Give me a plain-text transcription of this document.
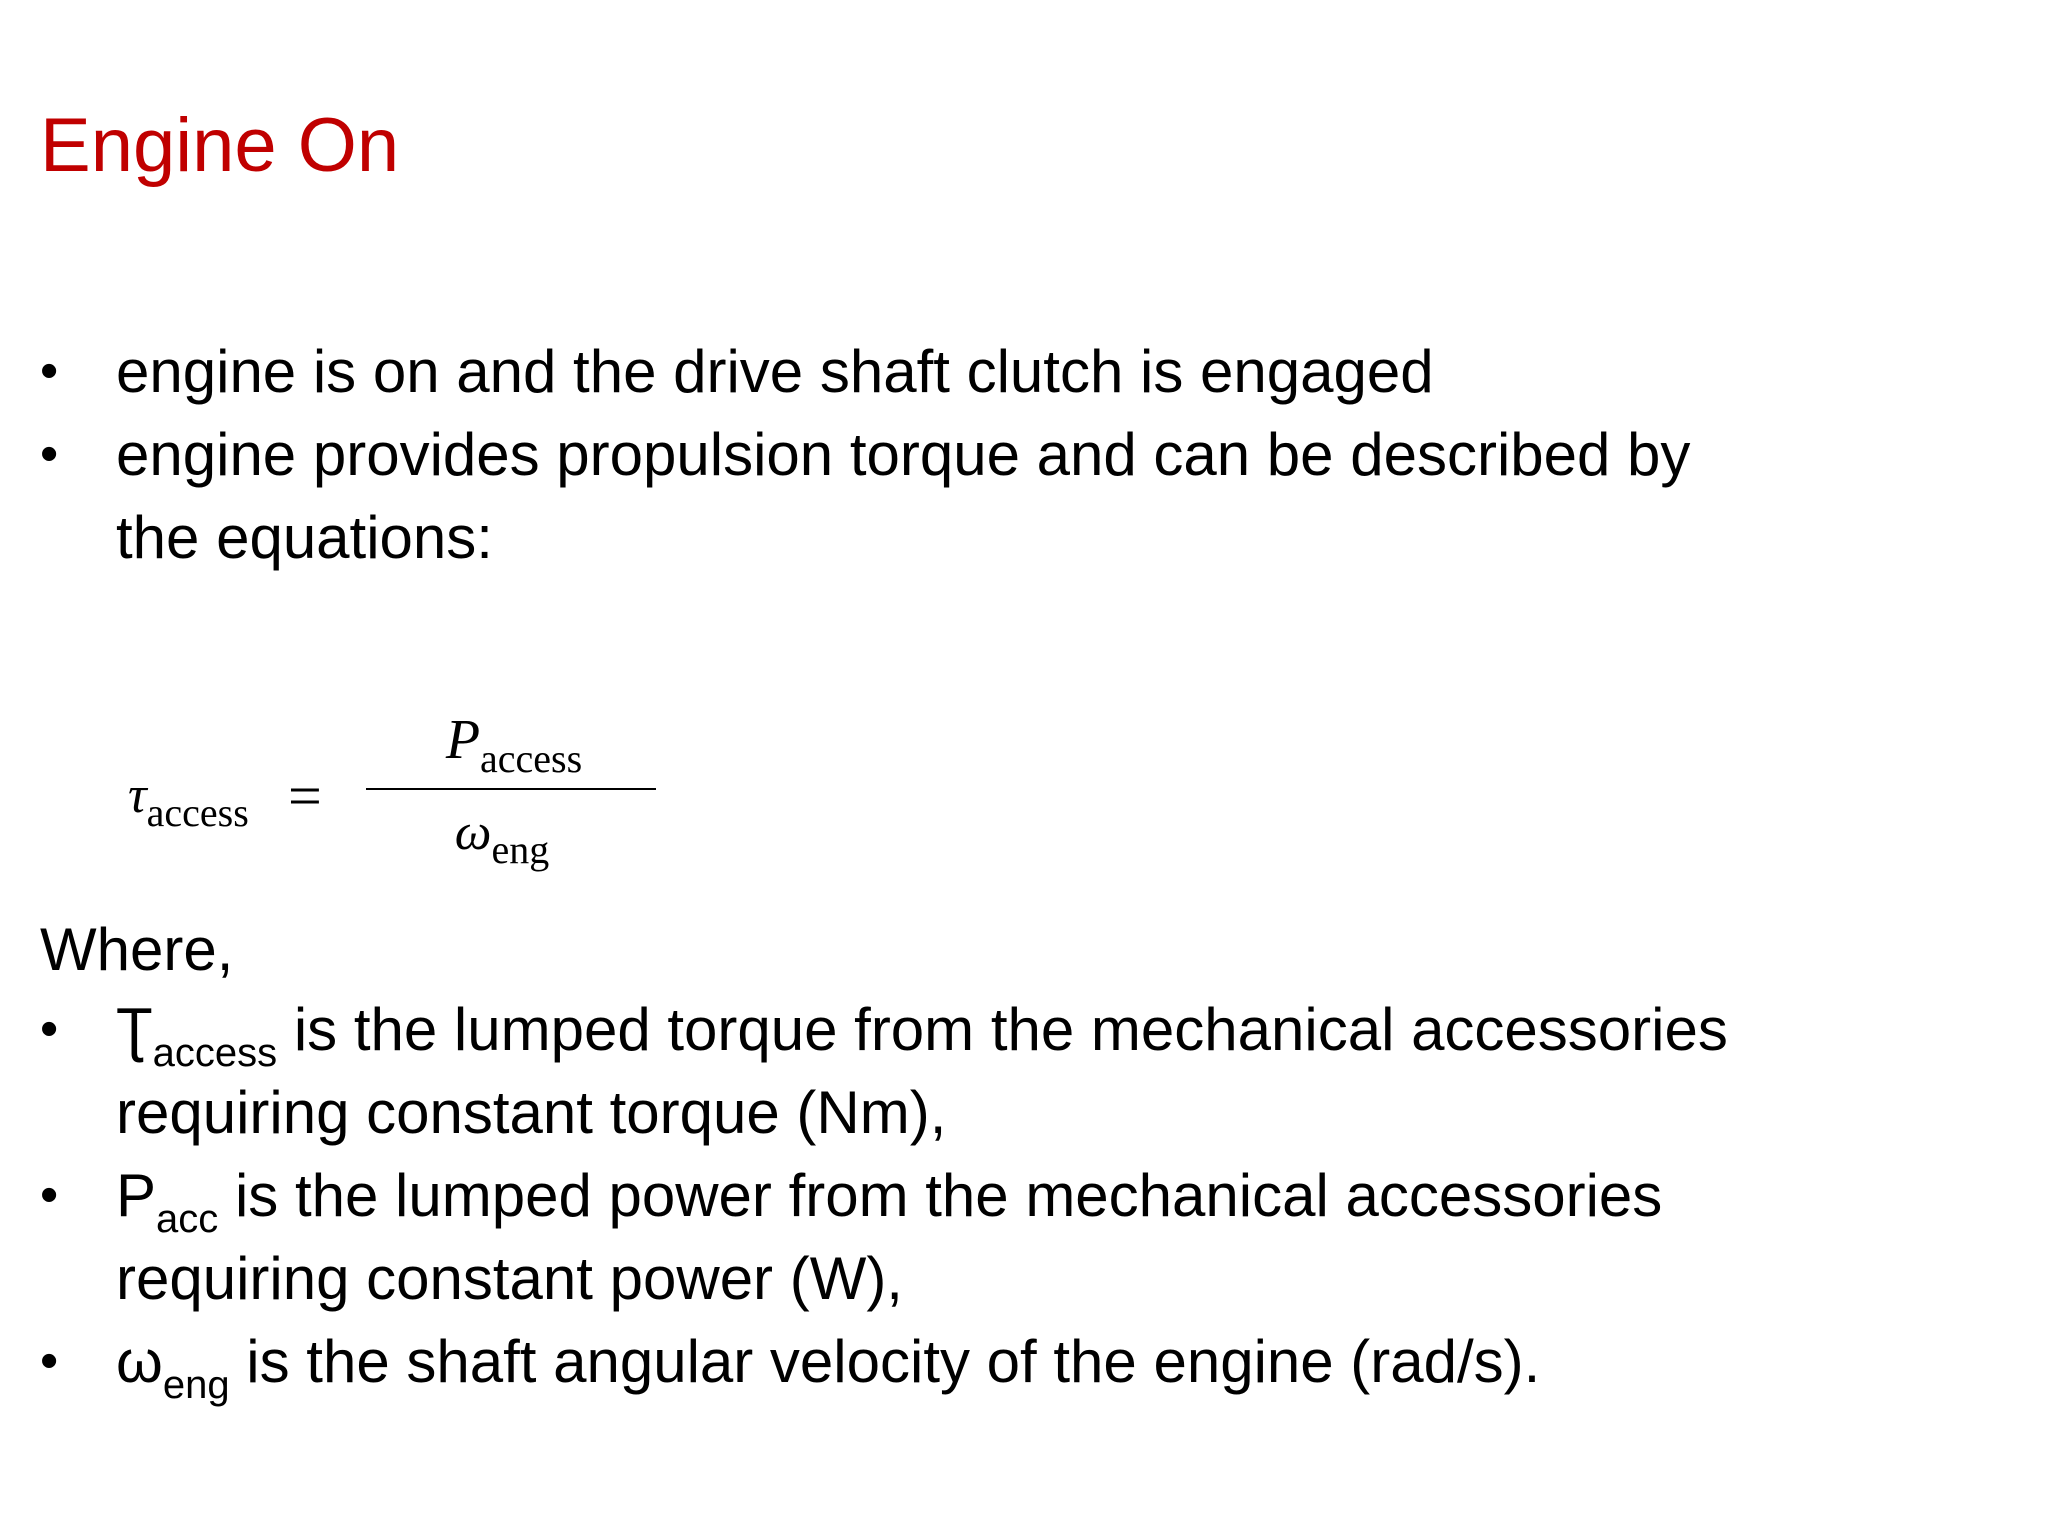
Engine On
• engine is on and the drive shaft clutch is engaged
• engine provides propulsion torque and can be described by
the equations:
$\tau_{access}$ =
$P_{access}$
$\omega_{eng}$
Where,
• $Ʈ_{access}$ is the lumped torque from the mechanical accessories
requiring constant torque (Nm),
• $P_{acc}$ is the lumped power from the mechanical accessories
requiring constant power (W),
• $\omega_{eng}$ is the shaft angular velocity of the engine (rad/s).
